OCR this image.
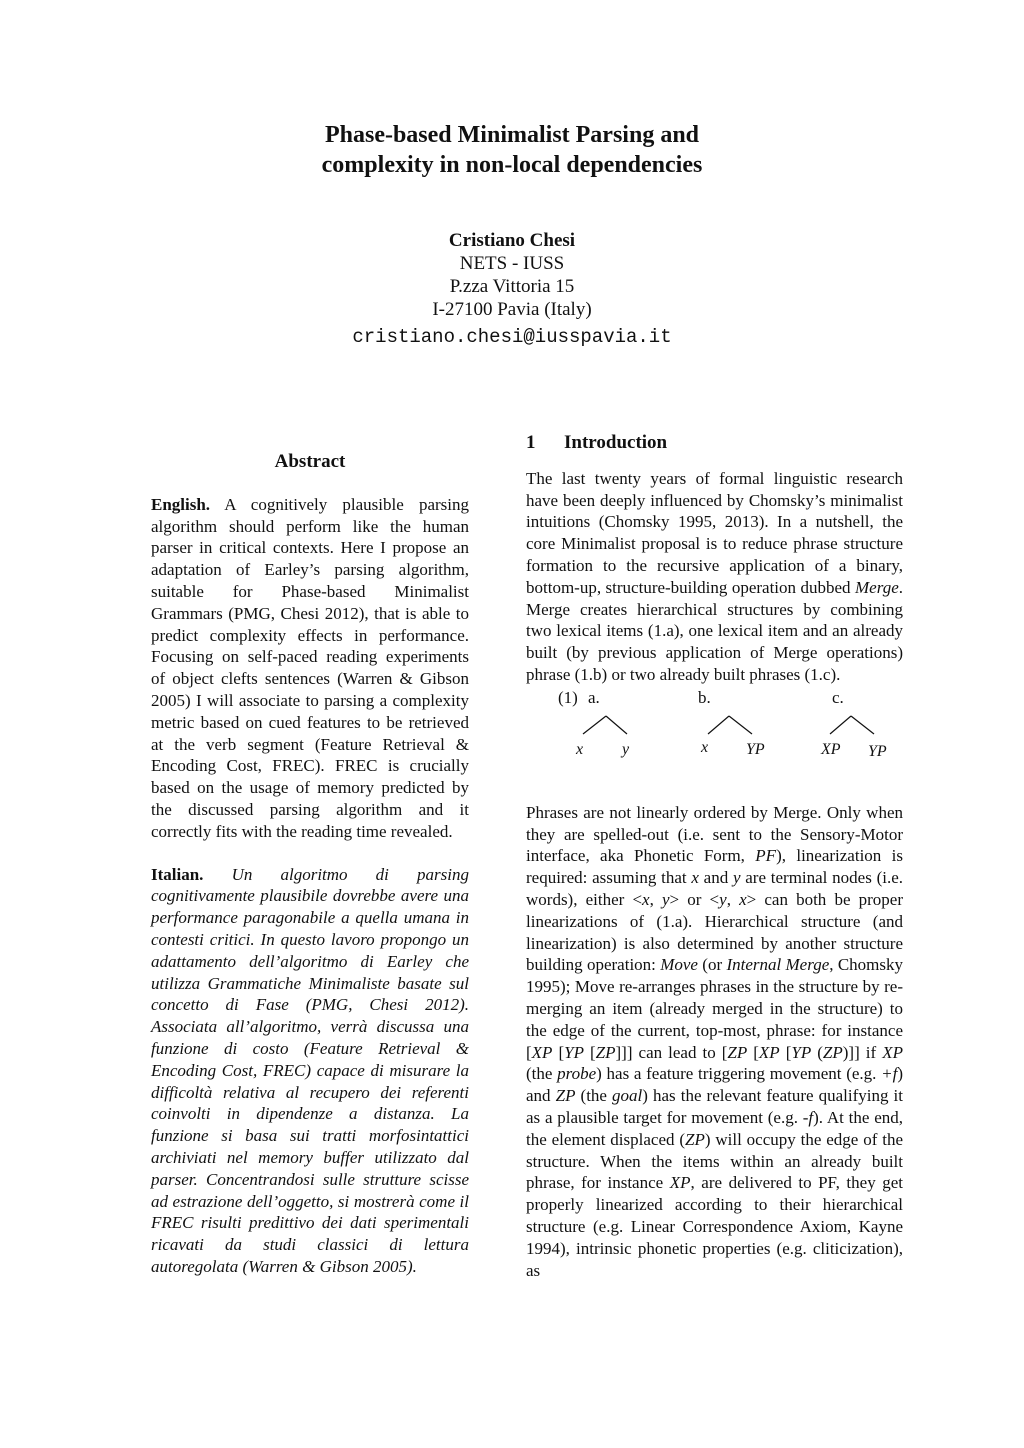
Phase-based Minimalist Parsing and
complexity in non-local dependencies
Cristiano Chesi
NETS - IUSS
P.zza Vittoria 15
I-27100 Pavia (Italy)
cristiano.chesi@iusspavia.it
Abstract

English. A cognitively plausible parsing algorithm should perform like the human parser in critical contexts. Here I propose an adaptation of Earley’s parsing algorithm, suitable for Phase-based Minimalist Grammars (PMG, Chesi 2012), that is able to predict complexity effects in performance. Focusing on self-paced reading experiments of object clefts sentences (Warren & Gibson 2005) I will associate to parsing a complexity metric based on cued features to be retrieved at the verb segment (Feature Retrieval & Encoding Cost, FREC). FREC is crucially based on the usage of memory predicted by the discussed parsing algorithm and it correctly fits with the reading time revealed.

Italian. Un algoritmo di parsing cognitivamente plausibile dovrebbe avere una performance paragonabile a quella umana in contesti critici. In questo lavoro propongo un adattamento dell’algoritmo di Earley che utilizza Grammatiche Minimaliste basate sul concetto di Fase (PMG, Chesi 2012). Associata all’algoritmo, verrà discussa una funzione di costo (Feature Retrieval & Encoding Cost, FREC) capace di misurare la difficoltà relativa al recupero dei referenti coinvolti in dipendenze a distanza. La funzione si basa sui tratti morfosintattici archiviati nel memory buffer utilizzato dal parser. Concentrandosi sulle strutture scisse ad estrazione dell’oggetto, si mostrerà come il FREC risulti predittivo dei dati sperimentali ricavati da studi classici di lettura autoregolata (Warren & Gibson 2005).

1 Introduction

The last twenty years of formal linguistic research have been deeply influenced by Chomsky’s minimalist intuitions (Chomsky 1995, 2013). In a nutshell, the core Minimalist proposal is to reduce phrase structure formation to the recursive application of a binary, bottom-up, structure-building operation dubbed Merge. Merge creates hierarchical structures by combining two lexical items (1.a), one lexical item and an already built (by previous application of Merge operations) phrase (1.b) or two already built phrases (1.c).

(1) a.	b.	c.
x y	x YP	XP YP

Phrases are not linearly ordered by Merge. Only when they are spelled-out (i.e. sent to the Sensory-Motor interface, aka Phonetic Form, PF), linearization is required: assuming that x and y are terminal nodes (i.e. words), either <x, y> or <y, x> can both be proper linearizations of (1.a). Hierarchical structure (and linearization) is also determined by another structure building operation: Move (or Internal Merge, Chomsky 1995); Move re-arranges phrases in the structure by re-merging an item (already merged in the structure) to the edge of the current, top-most, phrase: for instance [XP [YP [ZP]]] can lead to [ZP [XP [YP (ZP)]] if XP (the probe) has a feature triggering movement (e.g. +f) and ZP (the goal) has the relevant feature qualifying it as a plausible target for movement (e.g. -f). At the end, the element displaced (ZP) will occupy the edge of the structure. When the items within an already built phrase, for instance XP, are delivered to PF, they get properly linearized according to their hierarchical structure (e.g. Linear Correspondence Axiom, Kayne 1994), intrinsic phonetic properties (e.g. cliticization), as
